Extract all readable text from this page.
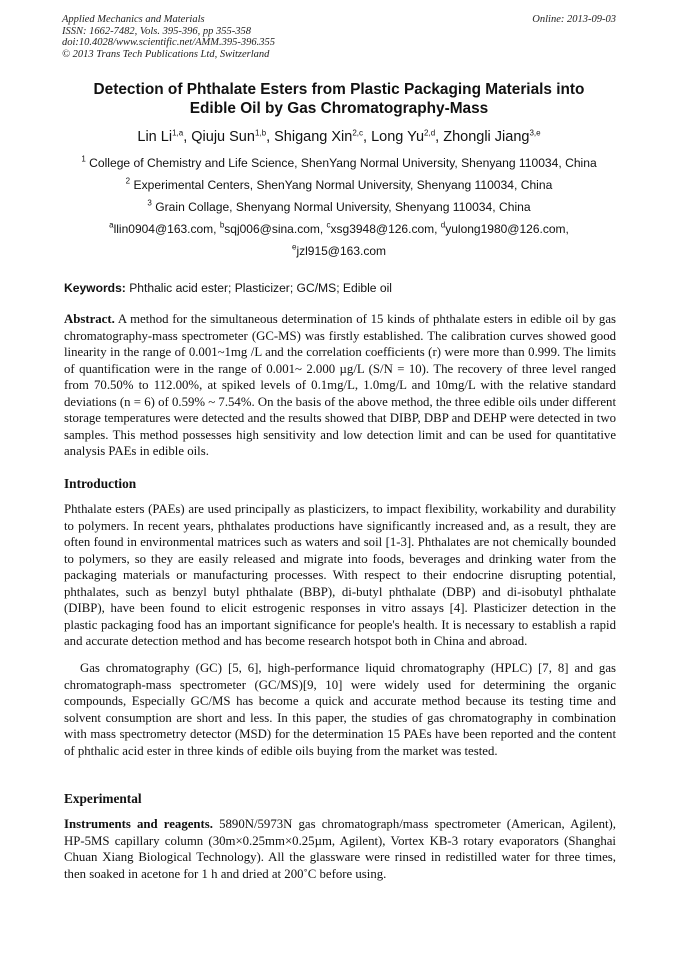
Applied Mechanics and Materials
ISSN: 1662-7482, Vols. 395-396, pp 355-358
doi:10.4028/www.scientific.net/AMM.395-396.355
© 2013 Trans Tech Publications Ltd, Switzerland
Online: 2013-09-03
Detection of Phthalate Esters from Plastic Packaging Materials into
Edible Oil by Gas Chromatography-Mass
Lin Li$^{1,a}$, Qiuju Sun$^{1,b}$, Shigang Xin$^{2,c}$, Long Yu$^{2,d}$, Zhongli Jiang$^{3,e}$
$^1$ College of Chemistry and Life Science, ShenYang Normal University, Shenyang 110034, China
$^2$ Experimental Centers, ShenYang Normal University, Shenyang 110034, China
$^3$ Grain Collage, Shenyang Normal University, Shenyang 110034, China
$^a$llin0904@163.com, $^b$sqj006@sina.com, $^c$xsg3948@126.com, $^d$yulong1980@126.com,
$^e$jzl915@163.com
Keywords: Phthalic acid ester; Plasticizer; GC/MS; Edible oil
Abstract. A method for the simultaneous determination of 15 kinds of phthalate esters in edible oil by gas chromatography-mass spectrometer (GC-MS) was firstly established. The calibration curves showed good linearity in the range of 0.001~1mg /L and the correlation coefficients (r) were more than 0.999. The limits of quantification were in the range of 0.001~ 2.000 µg/L (S/N = 10). The recovery of three level ranged from 70.50% to 112.00%, at spiked levels of 0.1mg/L, 1.0mg/L and 10mg/L with the relative standard deviations (n = 6) of 0.59% ~ 7.54%. On the basis of the above method, the three edible oils under different storage temperatures were detected and the results showed that DIBP, DBP and DEHP were detected in two samples. This method possesses high sensitivity and low detection limit and can be used for quantitative analysis PAEs in edible oils.
Introduction
Phthalate esters (PAEs) are used principally as plasticizers, to impact flexibility, workability and durability to polymers. In recent years, phthalates productions have significantly increased and, as a result, they are often found in environmental matrices such as waters and soil [1-3]. Phthalates are not chemically bounded to polymers, so they are easily released and migrate into foods, beverages and drinking water from the packaging materials or manufacturing processes. With respect to their endocrine disrupting potential, phthalates, such as benzyl butyl phthalate (BBP), di-butyl phthalate (DBP) and di-isobutyl phthalate (DIBP), have been found to elicit estrogenic responses in vitro assays [4]. Plasticizer detection in the plastic packaging food has an important significance for people's health. It is necessary to establish a rapid and accurate detection method and has become research hotspot both in China and abroad.
Gas chromatography (GC) [5, 6], high-performance liquid chromatography (HPLC) [7, 8] and gas chromatograph-mass spectrometer (GC/MS)[9, 10] were widely used for determining the organic compounds, Especially GC/MS has become a quick and accurate method because its testing time and solvent consumption are short and less. In this paper, the studies of gas chromatography in combination with mass spectrometry detector (MSD) for the determination 15 PAEs have been reported and the content of phthalic acid ester in three kinds of edible oils buying from the market was tested.
Experimental
Instruments and reagents. 5890N/5973N gas chromatograph/mass spectrometer (American, Agilent), HP-5MS capillary column (30m×0.25mm×0.25µm, Agilent), Vortex KB-3 rotary evaporators (Shanghai Chuan Xiang Biological Technology). All the glassware were rinsed in redistilled water for three times, then soaked in acetone for 1 h and dried at 200˚C before using.
